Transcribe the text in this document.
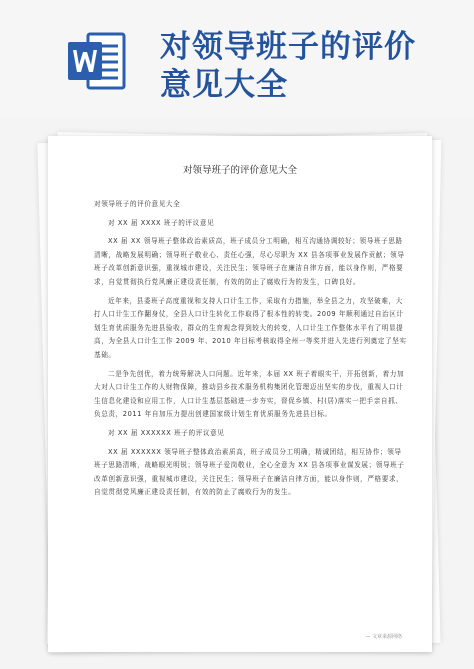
对领导班子的评价
意见大全
对领导班子的评价意见大全

对领导班子的评价意见大全

对 XX 届 XXXX 班子的评议意见

XX 届 XX 领导班子整体政治素质高，班子成员分工明确，相互沟通协调较好；领导班子思路清晰，战略发展明确；领导班子敬业心、责任心强，尽心尽职为 XX 县各项事业发展作贡献；领导班子改革创新意识强，重视城市建设，关注民生；领导班子在廉洁自律方面，能以身作则，严格要求，自觉贯彻执行党风廉正建设责任制，有效的防止了腐败行为的发生，口碑良好。

近年来，县委班子高度重视和支持人口计生工作，采取有力措施，举全县之力，攻坚破难，大打人口计生工作翻身仗，全县人口计生转化工作取得了根本性的转变。2009 年顺利通过自治区计划生育优质服务先进县验收，群众的生育观念得到较大的转变，人口计生工作整体水平有了明显提高，为全县人口计生工作 2009 年、2010 年目标考核取得全州一等奖并进入先进行列奠定了坚实基础。

二是争先创优，着力统筹解决人口问题。近年来，本届 XX 班子着眼实干，开拓创新，着力加大对人口计生工作的人财物保障，推动县乡技术服务机构集团化管理迈出坚实的步伐，重视人口计生信息化建设和应用工作，人口计生基层基础进一步夯实，督促乡镇、村(居)落实一把手亲自抓、负总责，2011 年自加压力提出创建国家级计划生育优质服务先进县目标。

对 XX 届 XXXXXX 班子的评议意见

XX 届 XXXXXX 领导班子整体政治素质高，班子成员分工明确，精诚团结，相互协作；领导班子思路清晰，战略眼光明锐；领导班子爱岗敬业，全心全意为 XX 县各项事业谋发展；领导班子改革创新意识强，重视城市建设，关注民生；领导班子在廉洁自律方面，能以身作则，严格要求，自觉贯彻党风廉正建设责任制，有效的防止了腐败行为的发生。

— 文章来源网络
